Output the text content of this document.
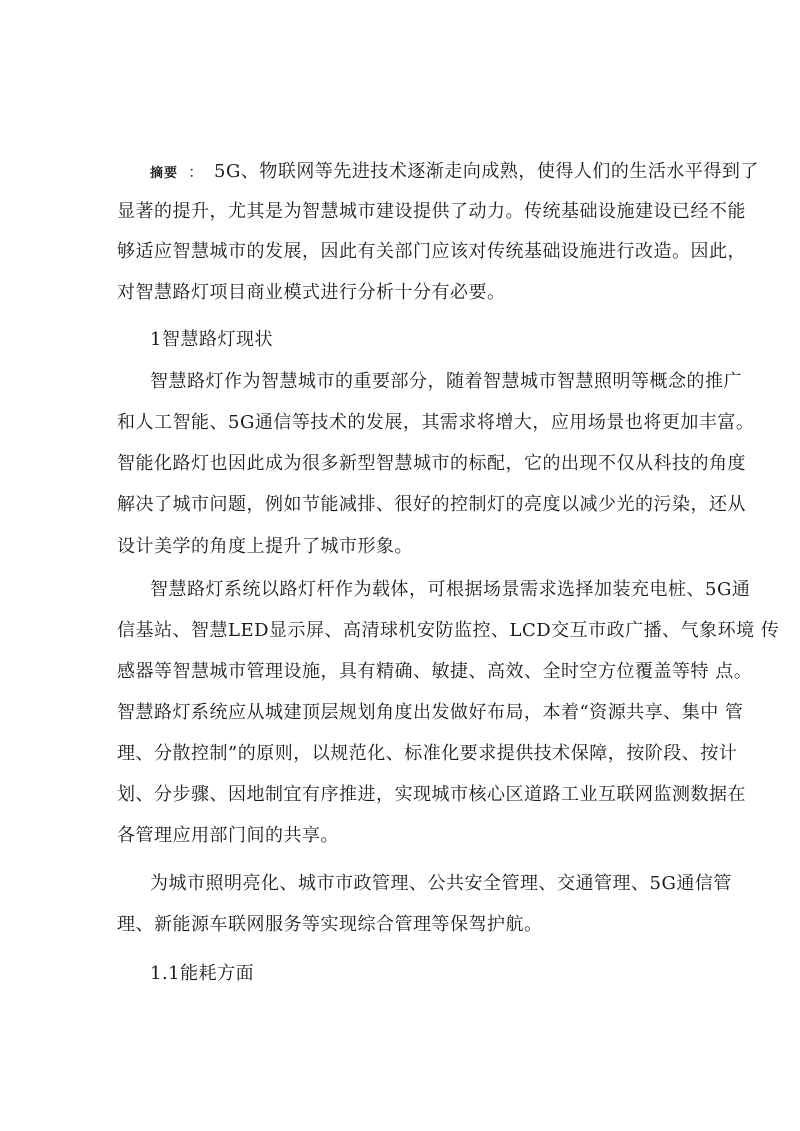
摘要 ： 5G、物联网等先进技术逐渐走向成熟，使得人们的生活水平得到了
显著的提升，尤其是为智慧城市建设提供了动力。传统基础设施建设已经不能
够适应智慧城市的发展，因此有关部门应该对传统基础设施进行改造。因此，
对智慧路灯项目商业模式进行分析十分有必要。
1智慧路灯现状
智慧路灯作为智慧城市的重要部分，随着智慧城市智慧照明等概念的推广
和人工智能、5G通信等技术的发展，其需求将增大，应用场景也将更加丰富。
智能化路灯也因此成为很多新型智慧城市的标配，它的出现不仅从科技的角度
解决了城市问题，例如节能减排、很好的控制灯的亮度以减少光的污染，还从
设计美学的角度上提升了城市形象。
智慧路灯系统以路灯杆作为载体，可根据场景需求选择加装充电桩、5G通
信基站、智慧LED显示屏、高清球机安防监控、LCD交互市政广播、气象环境 传
感器等智慧城市管理设施，具有精确、敏捷、高效、全时空方位覆盖等特 点。
智慧路灯系统应从城建顶层规划角度出发做好布局，本着“资源共享、集中 管
理、分散控制”的原则，以规范化、标准化要求提供技术保障，按阶段、按计
划、分步骤、因地制宜有序推进，实现城市核心区道路工业互联网监测数据在
各管理应用部门间的共享。
为城市照明亮化、城市市政管理、公共安全管理、交通管理、5G通信管
理、新能源车联网服务等实现综合管理等保驾护航。
1.1能耗方面
